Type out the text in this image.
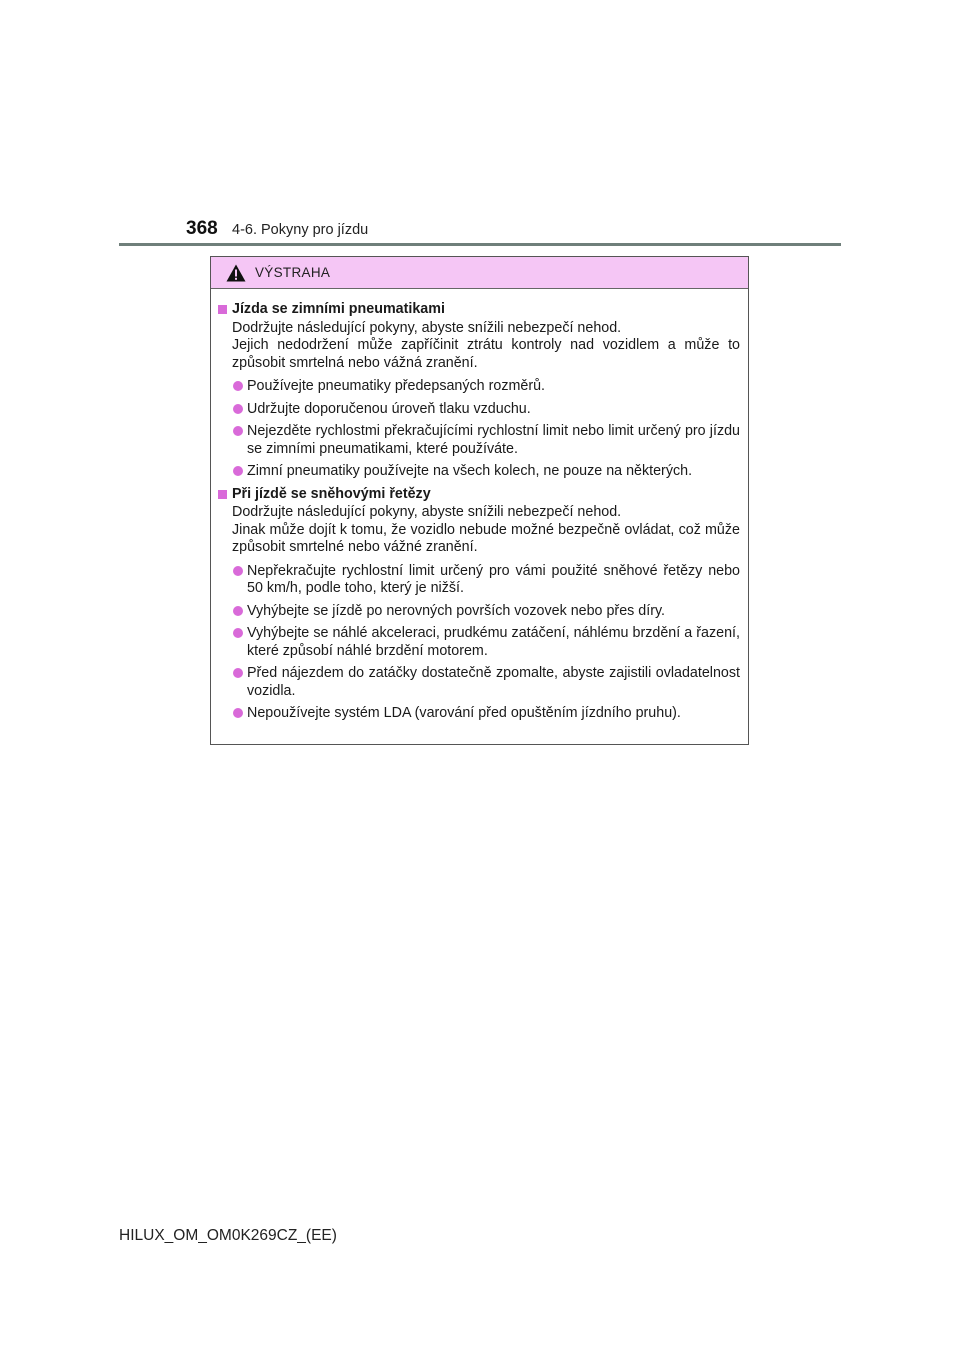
368 4-6. Pokyny pro jízdu
VÝSTRAHA
Jízda se zimními pneumatikami
Dodržujte následující pokyny, abyste snížili nebezpečí nehod.
Jejich nedodržení může zapříčinit ztrátu kontroly nad vozidlem a může to způsobit smrtelná nebo vážná zranění.
Používejte pneumatiky předepsaných rozměrů.
Udržujte doporučenou úroveň tlaku vzduchu.
Nejezděte rychlostmi překračujícími rychlostní limit nebo limit určený pro jízdu se zimními pneumatikami, které používáte.
Zimní pneumatiky používejte na všech kolech, ne pouze na některých.
Při jízdě se sněhovými řetězy
Dodržujte následující pokyny, abyste snížili nebezpečí nehod.
Jinak může dojít k tomu, že vozidlo nebude možné bezpečně ovládat, což může způsobit smrtelné nebo vážné zranění.
Nepřekračujte rychlostní limit určený pro vámi použité sněhové řetězy nebo 50 km/h, podle toho, který je nižší.
Vyhýbejte se jízdě po nerovných površích vozovek nebo přes díry.
Vyhýbejte se náhlé akceleraci, prudkému zatáčení, náhlému brzdění a řazení, které způsobí náhlé brzdění motorem.
Před nájezdem do zatáčky dostatečně zpomalte, abyste zajistili ovladatelnost vozidla.
Nepoužívejte systém LDA (varování před opuštěním jízdního pruhu).
HILUX_OM_OM0K269CZ_(EE)
